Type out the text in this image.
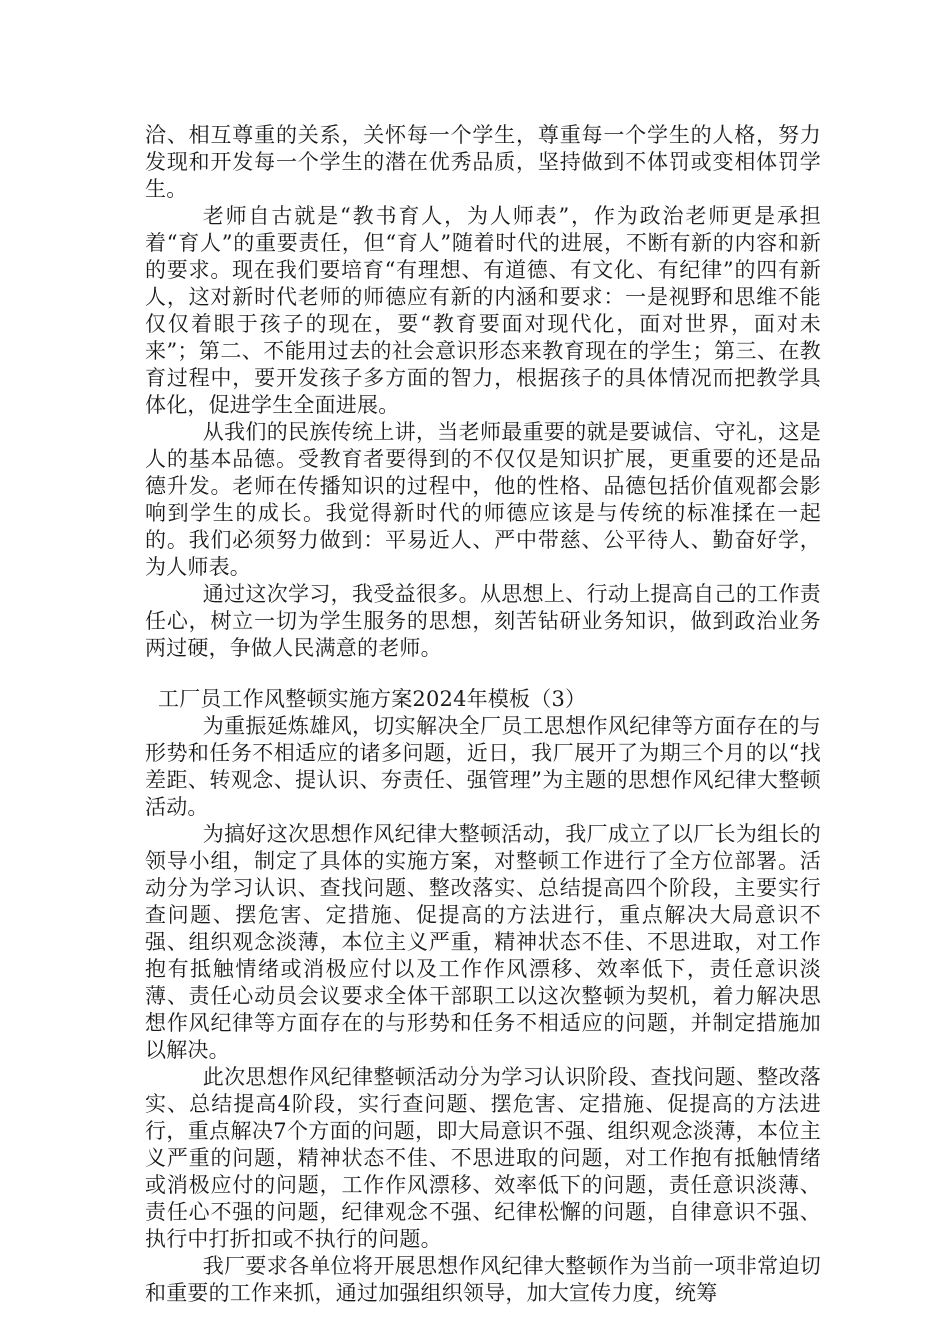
洽、相互尊重的关系，关怀每一个学生，尊重每一个学生的人格，努力发现和开发每一个学生的潜在优秀品质，坚持做到不体罚或变相体罚学生。

老师自古就是“教书育人，为人师表”，作为政治老师更是承担着“育人”的重要责任，但“育人”随着时代的进展，不断有新的内容和新的要求。现在我们要培育“有理想、有道德、有文化、有纪律”的四有新人，这对新时代老师的师德应有新的内涵和要求：一是视野和思维不能仅仅着眼于孩子的现在，要“教育要面对现代化，面对世界，面对未来”；第二、不能用过去的社会意识形态来教育现在的学生；第三、在教育过程中，要开发孩子多方面的智力，根据孩子的具体情况而把教学具体化，促进学生全面进展。

从我们的民族传统上讲，当老师最重要的就是要诚信、守礼，这是人的基本品德。受教育者要得到的不仅仅是知识扩展，更重要的还是品德升发。老师在传播知识的过程中，他的性格、品德包括价值观都会影响到学生的成长。我觉得新时代的师德应该是与传统的标准揉在一起的。我们必须努力做到：平易近人、严中带慈、公平待人、勤奋好学，为人师表。

通过这次学习，我受益很多。从思想上、行动上提高自己的工作责任心，树立一切为学生服务的思想，刻苦钻研业务知识，做到政治业务两过硬，争做人民满意的老师。

工厂员工作风整顿实施方案2024年模板（3）

为重振延炼雄风，切实解决全厂员工思想作风纪律等方面存在的与形势和任务不相适应的诸多问题，近日，我厂展开了为期三个月的以“找差距、转观念、提认识、夯责任、强管理”为主题的思想作风纪律大整顿活动。

为搞好这次思想作风纪律大整顿活动，我厂成立了以厂长为组长的领导小组，制定了具体的实施方案，对整顿工作进行了全方位部署。活动分为学习认识、查找问题、整改落实、总结提高四个阶段，主要实行查问题、摆危害、定措施、促提高的方法进行，重点解决大局意识不强、组织观念淡薄，本位主义严重，精神状态不佳、不思进取，对工作抱有抵触情绪或消极应付以及工作作风漂移、效率低下，责任意识淡薄、责任心动员会议要求全体干部职工以这次整顿为契机，着力解决思想作风纪律等方面存在的与形势和任务不相适应的问题，并制定措施加以解决。

此次思想作风纪律整顿活动分为学习认识阶段、查找问题、整改落实、总结提高4阶段，实行查问题、摆危害、定措施、促提高的方法进行，重点解决7个方面的问题，即大局意识不强、组织观念淡薄，本位主义严重的问题，精神状态不佳、不思进取的问题，对工作抱有抵触情绪或消极应付的问题，工作作风漂移、效率低下的问题，责任意识淡薄、责任心不强的问题，纪律观念不强、纪律松懈的问题，自律意识不强、执行中打折扣或不执行的问题。

我厂要求各单位将开展思想作风纪律大整顿作为当前一项非常迫切和重要的工作来抓，通过加强组织领导，加大宣传力度，统筹
